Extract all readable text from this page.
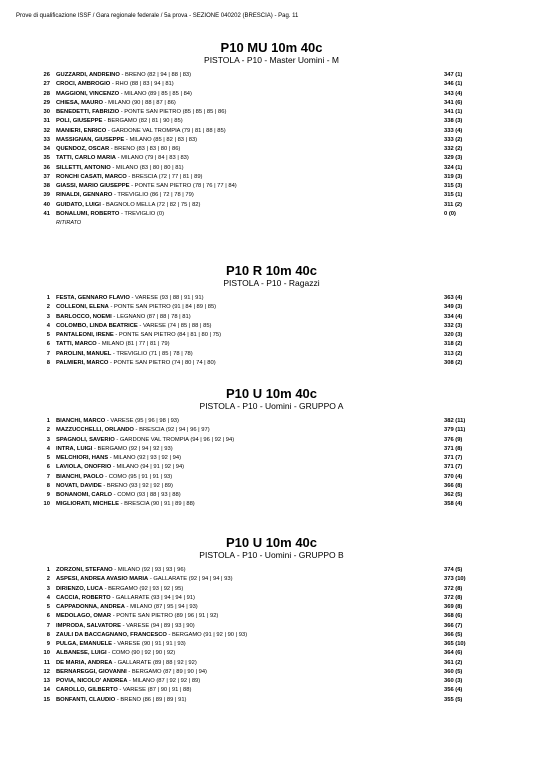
Prove di qualificazione ISSF / Gara regionale federale / 5a prova - SEZIONE 040202 (BRESCIA) - Pag. 11
P10 MU 10m 40c
PISTOLA - P10 - Master Uomini - M
26 GUZZARDI, ANDREINO - BRENO (82 | 94 | 88 | 83)	347 (1)
27 CROCI, AMBROGIO - RHO (88 | 83 | 94 | 81)	346 (1)
28 MAGGIONI, VINCENZO - MILANO (89 | 85 | 85 | 84)	343 (4)
29 CHIESA, MAURO - MILANO (90 | 88 | 87 | 86)	341 (6)
30 BENEDETTI, FABRIZIO - PONTE SAN PIETRO (85 | 85 | 85 | 86)	341 (1)
31 POLI, GIUSEPPE - BERGAMO (82 | 81 | 90 | 85)	338 (3)
32 MANIERI, ENRICO - GARDONE VAL TROMPIA (79 | 81 | 88 | 85)	333 (4)
33 MASSIGNAN, GIUSEPPE - MILANO (85 | 82 | 83 | 83)	333 (2)
34 QUENDOZ, OSCAR - BRENO (83 | 83 | 80 | 86)	332 (2)
35 TATTI, CARLO MARIA - MILANO (79 | 84 | 83 | 83)	329 (3)
36 SILLETTI, ANTONIO - MILANO (83 | 80 | 80 | 81)	324 (1)
37 RONCHI CASATI, MARCO - BRESCIA (72 | 77 | 81 | 89)	319 (3)
38 GIASSI, MARIO GIUSEPPE - PONTE SAN PIETRO (78 | 76 | 77 | 84)	315 (3)
39 RINALDI, GENNARO - TREVIGLIO (86 | 72 | 78 | 79)	315 (1)
40 GUIDATO, LUIGI - BAGNOLO MELLA (72 | 82 | 75 | 82)	311 (2)
41 BONALUMI, ROBERTO - TREVIGLIO (0)	0 (0)
RITIRATO
P10 R 10m 40c
PISTOLA - P10 - Ragazzi
1 FESTA, GENNARO FLAVIO - VARESE (93 | 88 | 91 | 91)	363 (4)
2 COLLEONI, ELENA - PONTE SAN PIETRO (91 | 84 | 89 | 85)	349 (3)
3 BARLOCCO, NOEMI - LEGNANO (87 | 88 | 78 | 81)	334 (4)
4 COLOMBO, LINDA BEATRICE - VARESE (74 | 85 | 88 | 85)	332 (3)
5 PANTALEONI, IRENE - PONTE SAN PIETRO (84 | 81 | 80 | 75)	320 (3)
6 TATTI, MARCO - MILANO (81 | 77 | 81 | 79)	318 (2)
7 PAROLINI, MANUEL - TREVIGLIO (71 | 85 | 78 | 78)	313 (2)
8 PALMIERI, MARCO - PONTE SAN PIETRO (74 | 80 | 74 | 80)	308 (2)
P10 U 10m 40c
PISTOLA - P10 - Uomini - GRUPPO A
1 BIANCHI, MARCO - VARESE (95 | 96 | 98 | 93)	382 (11)
2 MAZZUCCHELLI, ORLANDO - BRESCIA (92 | 94 | 96 | 97)	379 (11)
3 SPAGNOLI, SAVERIO - GARDONE VAL TROMPIA (94 | 96 | 92 | 94)	376 (9)
4 INTRA, LUIGI - BERGAMO (92 | 94 | 92 | 93)	371 (8)
5 MELCHIORI, HANS - MILANO (92 | 93 | 92 | 94)	371 (7)
6 LAVIOLA, ONOFRIO - MILANO (94 | 91 | 92 | 94)	371 (7)
7 BIANCHI, PAOLO - COMO (95 | 91 | 91 | 93)	370 (4)
8 NOVATI, DAVIDE - BRENO (93 | 92 | 92 | 89)	366 (8)
9 BONANOMI, CARLO - COMO (93 | 88 | 93 | 88)	362 (5)
10 MIGLIORATI, MICHELE - BRESCIA (90 | 91 | 89 | 88)	358 (4)
P10 U 10m 40c
PISTOLA - P10 - Uomini - GRUPPO B
1 ZORZONI, STEFANO - MILANO (92 | 93 | 93 | 96)	374 (5)
2 ASPESI, ANDREA AVASIO MARIA - GALLARATE (92 | 94 | 94 | 93)	373 (10)
3 DIRIENZO, LUCA - BERGAMO (92 | 93 | 92 | 95)	372 (8)
4 CACCIA, ROBERTO - GALLARATE (93 | 94 | 94 | 91)	372 (8)
5 CAPPADONNA, ANDREA - MILANO (87 | 95 | 94 | 93)	369 (8)
6 MEDOLAGO, OMAR - PONTE SAN PIETRO (89 | 96 | 91 | 92)	368 (6)
7 IMPRODA, SALVATORE - VARESE (94 | 89 | 93 | 90)	366 (7)
8 ZAULI DA BACCAGNANO, FRANCESCO - BERGAMO (91 | 92 | 90 | 93)	366 (5)
9 PULGA, EMANUELE - VARESE (90 | 91 | 91 | 93)	365 (10)
10 ALBANESE, LUIGI - COMO (90 | 92 | 90 | 92)	364 (6)
11 DE MARIA, ANDREA - GALLARATE (89 | 88 | 92 | 92)	361 (2)
12 BERNAREGGI, GIOVANNI - BERGAMO (87 | 89 | 90 | 94)	360 (5)
13 POVIA, NICOLO' ANDREA - MILANO (87 | 92 | 92 | 89)	360 (3)
14 CAROLLO, GILBERTO - VARESE (87 | 90 | 91 | 88)	356 (4)
15 BONFANTI, CLAUDIO - BRENO (86 | 89 | 89 | 91)	355 (5)
